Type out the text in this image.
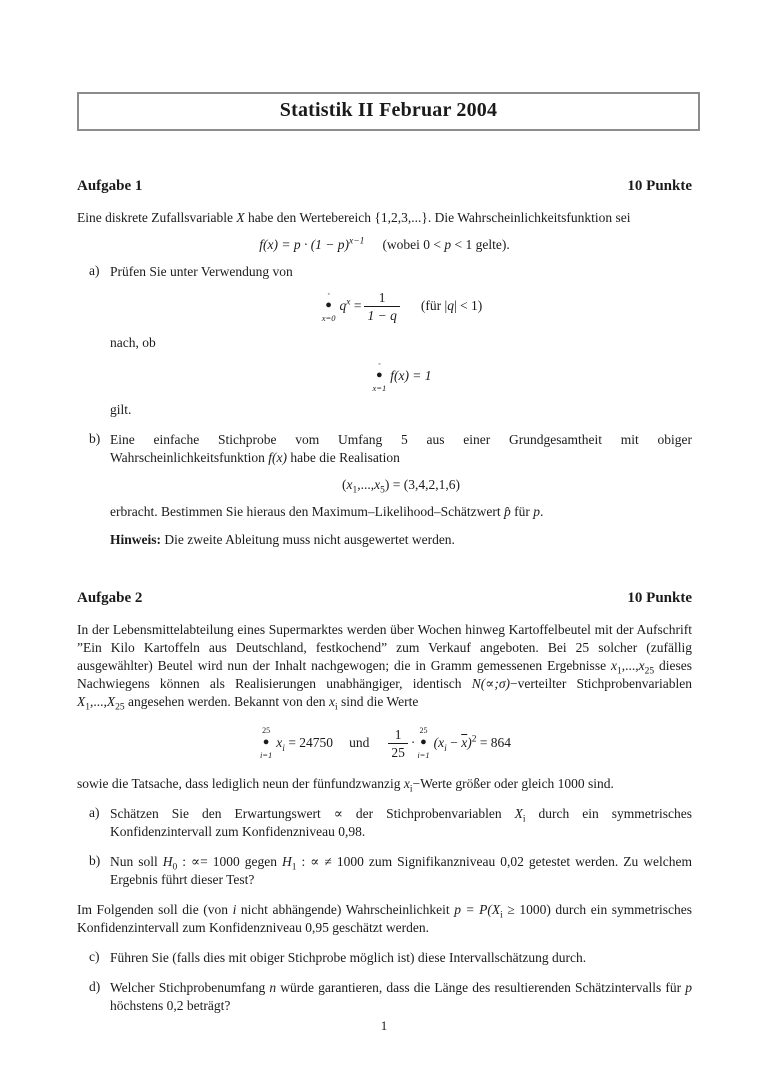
Statistik II Februar 2004
Aufgabe 1	10 Punkte

Eine diskrete Zufallsvariable X habe den Wertebereich {1,2,3,...}. Die Wahrscheinlichkeitsfunktion sei

$f(x) = p \cdot (1 - p)^{x-1}$ (wobei 0 < p < 1 gelte).
a) Prüfen Sie unter Verwendung von

◦
●
x=0
$q^x = \frac{1}{1 - q}$ (für |q| < 1)

nach, ob

◦
●
x=1
f(x) = 1

gilt.

b) Eine einfache Stichprobe vom Umfang 5 aus einer Grundgesamtheit mit obiger Wahrscheinlichkeitsfunktion f(x) habe die Realisation

$(x_1,...,x_5) = (3,4,2,1,6)$

erbracht. Bestimmen Sie hieraus den Maximum–Likelihood–Schätzwert p̂ für p.

Hinweis: Die zweite Ableitung muss nicht ausgewertet werden.

Aufgabe 2	10 Punkte

In der Lebensmittelabteilung eines Supermarktes werden über Wochen hinweg Kartoffelbeutel mit der Aufschrift ”Ein Kilo Kartoffeln aus Deutschland, festkochend” zum Verkauf angeboten. Bei 25 solcher (zufällig ausgewählter) Beutel wird nun der Inhalt nachgewogen; die in Gramm gemessenen Ergebnisse $x_1,...,x_{25}$ dieses Nachwiegens können als Realisierungen unabhängiger, identisch N(∝;σ)−verteilter Stichprobenvariablen $X_1,...,X_{25}$ angesehen werden. Bekannt von den $x_i$ sind die Werte

25
●
i=1
$x_i = 24750$ und $\frac{1}{25}$ ·
25
●
i=1
$(x_i - \overline{x})^2 = 864$

sowie die Tatsache, dass lediglich neun der fünfundzwanzig $x_i-Werte$ größer oder gleich 1000 sind.

a) Schätzen Sie den Erwartungswert ∝ der Stichprobenvariablen $X_i$ durch ein symmetrisches Konfidenzintervall zum Konfidenzniveau 0,98.

b) Nun soll $H_0$ : ∝= 1000 gegen $H_1$ : ∝ ≠ 1000 zum Signifikanzniveau 0,02 getestet werden. Zu welchem Ergebnis führt dieser Test?

Im Folgenden soll die (von i nicht abhängende) Wahrscheinlichkeit $p = P(X_i \ge 1000)$ durch ein symmetrisches Konfidenzintervall zum Konfidenzniveau 0,95 geschätzt werden.

c) Führen Sie (falls dies mit obiger Stichprobe möglich ist) diese Intervallschätzung durch.

d) Welcher Stichprobenumfang n würde garantieren, dass die Länge des resultierenden Schätzintervalls für p höchstens 0,2 beträgt?

1
